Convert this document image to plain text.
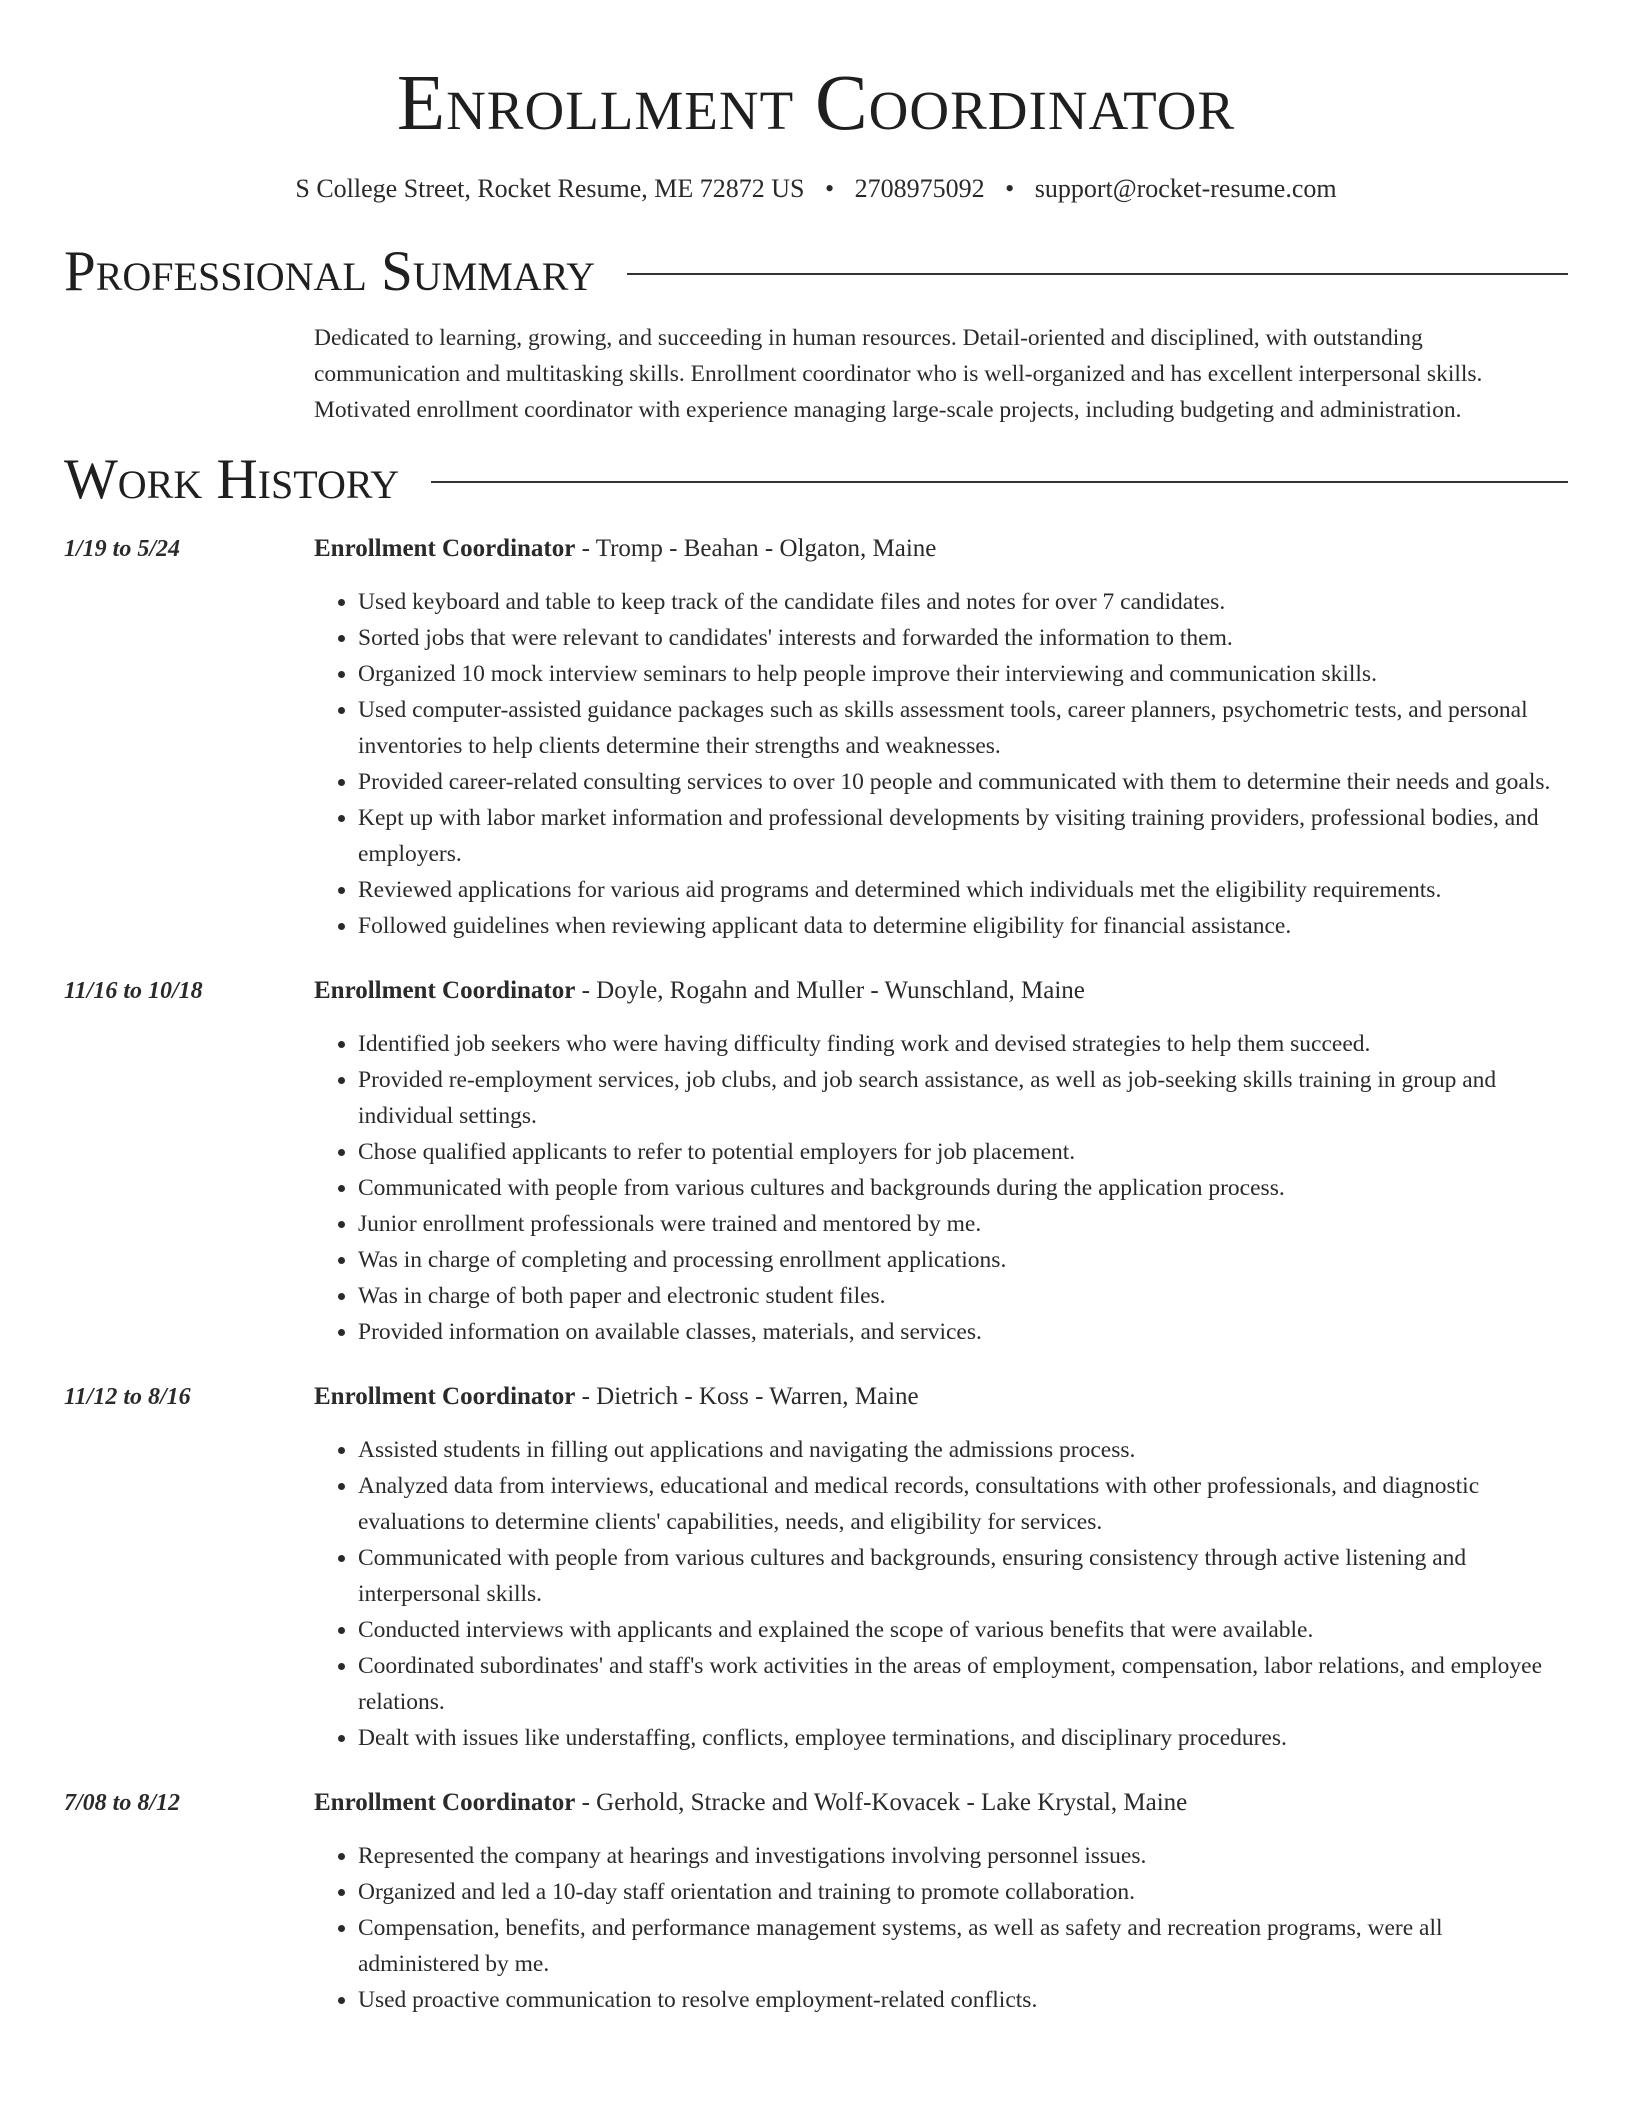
Enrollment Coordinator
S College Street, Rocket Resume, ME 72872 US • 2708975092 • support@rocket-resume.com
Professional Summary
Dedicated to learning, growing, and succeeding in human resources. Detail-oriented and disciplined, with outstanding communication and multitasking skills. Enrollment coordinator who is well-organized and has excellent interpersonal skills. Motivated enrollment coordinator with experience managing large-scale projects, including budgeting and administration.
Work History
1/19 to 5/24	Enrollment Coordinator - Tromp - Beahan - Olgaton, Maine
• Used keyboard and table to keep track of the candidate files and notes for over 7 candidates.
• Sorted jobs that were relevant to candidates' interests and forwarded the information to them.
• Organized 10 mock interview seminars to help people improve their interviewing and communication skills.
• Used computer-assisted guidance packages such as skills assessment tools, career planners, psychometric tests, and personal inventories to help clients determine their strengths and weaknesses.
• Provided career-related consulting services to over 10 people and communicated with them to determine their needs and goals.
• Kept up with labor market information and professional developments by visiting training providers, professional bodies, and employers.
• Reviewed applications for various aid programs and determined which individuals met the eligibility requirements.
• Followed guidelines when reviewing applicant data to determine eligibility for financial assistance.
11/16 to 10/18	Enrollment Coordinator - Doyle, Rogahn and Muller - Wunschland, Maine
• Identified job seekers who were having difficulty finding work and devised strategies to help them succeed.
• Provided re-employment services, job clubs, and job search assistance, as well as job-seeking skills training in group and individual settings.
• Chose qualified applicants to refer to potential employers for job placement.
• Communicated with people from various cultures and backgrounds during the application process.
• Junior enrollment professionals were trained and mentored by me.
• Was in charge of completing and processing enrollment applications.
• Was in charge of both paper and electronic student files.
• Provided information on available classes, materials, and services.
11/12 to 8/16	Enrollment Coordinator - Dietrich - Koss - Warren, Maine
• Assisted students in filling out applications and navigating the admissions process.
• Analyzed data from interviews, educational and medical records, consultations with other professionals, and diagnostic evaluations to determine clients' capabilities, needs, and eligibility for services.
• Communicated with people from various cultures and backgrounds, ensuring consistency through active listening and interpersonal skills.
• Conducted interviews with applicants and explained the scope of various benefits that were available.
• Coordinated subordinates' and staff's work activities in the areas of employment, compensation, labor relations, and employee relations.
• Dealt with issues like understaffing, conflicts, employee terminations, and disciplinary procedures.
7/08 to 8/12	Enrollment Coordinator - Gerhold, Stracke and Wolf-Kovacek - Lake Krystal, Maine
• Represented the company at hearings and investigations involving personnel issues.
• Organized and led a 10-day staff orientation and training to promote collaboration.
• Compensation, benefits, and performance management systems, as well as safety and recreation programs, were all administered by me.
• Used proactive communication to resolve employment-related conflicts.
